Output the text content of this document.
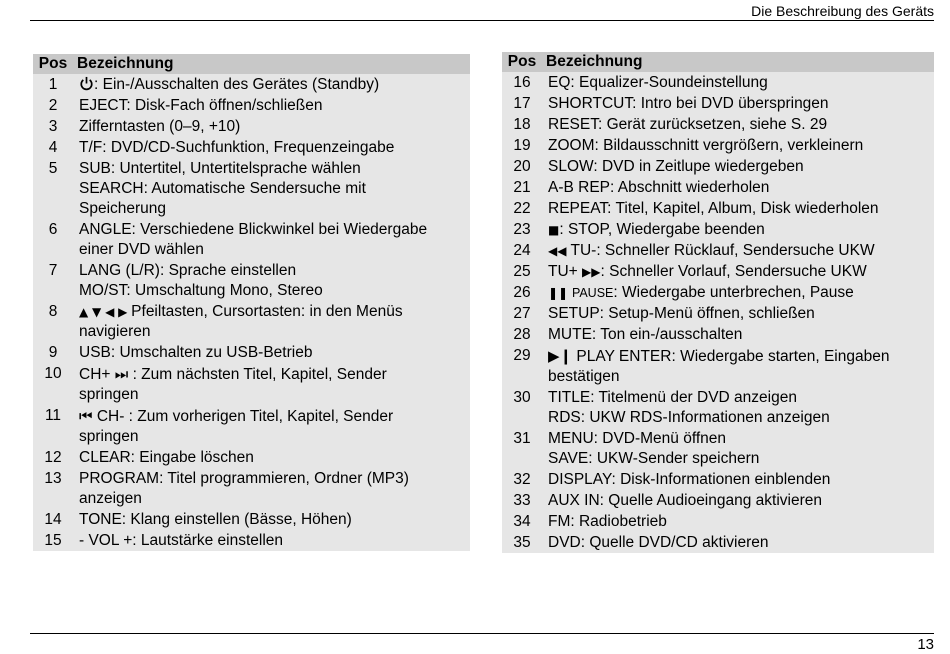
Die Beschreibung des Geräts
Pos	Bezeichnung
1	: Ein-/Ausschalten des Gerätes (Standby)

2	EJECT: Disk-Fach öffnen/schließen

3	Zifferntasten (0–9, +10)

4	T/F: DVD/CD-Suchfunktion, Frequenzeingabe

5	SUB: Untertitel, Untertitelsprache wählen
SEARCH: Automatische Sendersuche mit
Speicherung

6	ANGLE: Verschiedene Blickwinkel bei Wiedergabe
einer DVD wählen

7	LANG (L/R): Sprache einstellen
MO/ST: Umschaltung Mono, Stereo

8	▲ ▼ ◀ ▶ Pfeiltasten, Cursortasten: in den Menüs
navigieren

9	USB: Umschalten zu USB-Betrieb

10	CH+ ⏭ : Zum nächsten Titel, Kapitel, Sender
springen

11	⏮ CH- : Zum vorherigen Titel, Kapitel, Sender
springen

12	CLEAR: Eingabe löschen

13	PROGRAM: Titel programmieren, Ordner (MP3)
anzeigen

14	TONE: Klang einstellen (Bässe, Höhen)

15	- VOL +: Lautstärke einstellen
Pos	Bezeichnung
16	EQ: Equalizer-Soundeinstellung

17	SHORTCUT: Intro bei DVD überspringen

18	RESET: Gerät zurücksetzen, siehe S. 29

19	ZOOM: Bildausschnitt vergrößern, verkleinern

20	SLOW: DVD in Zeitlupe wiedergeben

21	A-B REP: Abschnitt wiederholen

22	REPEAT: Titel, Kapitel, Album, Disk wiederholen

23	■: STOP, Wiedergabe beenden

24	◀◀ TU-: Schneller Rücklauf, Sendersuche UKW

25	TU+ ▶▶: Schneller Vorlauf, Sendersuche UKW

26	❚❚ PAUSE: Wiedergabe unterbrechen, Pause

27	SETUP: Setup-Menü öffnen, schließen

28	MUTE: Ton ein-/ausschalten

29	▶❙ PLAY ENTER: Wiedergabe starten, Eingaben
bestätigen

30	TITLE: Titelmenü der DVD anzeigen
RDS: UKW RDS-Informationen anzeigen

31	MENU: DVD-Menü öffnen
SAVE: UKW-Sender speichern

32	DISPLAY: Disk-Informationen einblenden

33	AUX IN: Quelle Audioeingang aktivieren

34	FM: Radiobetrieb

35	DVD: Quelle DVD/CD aktivieren
13
